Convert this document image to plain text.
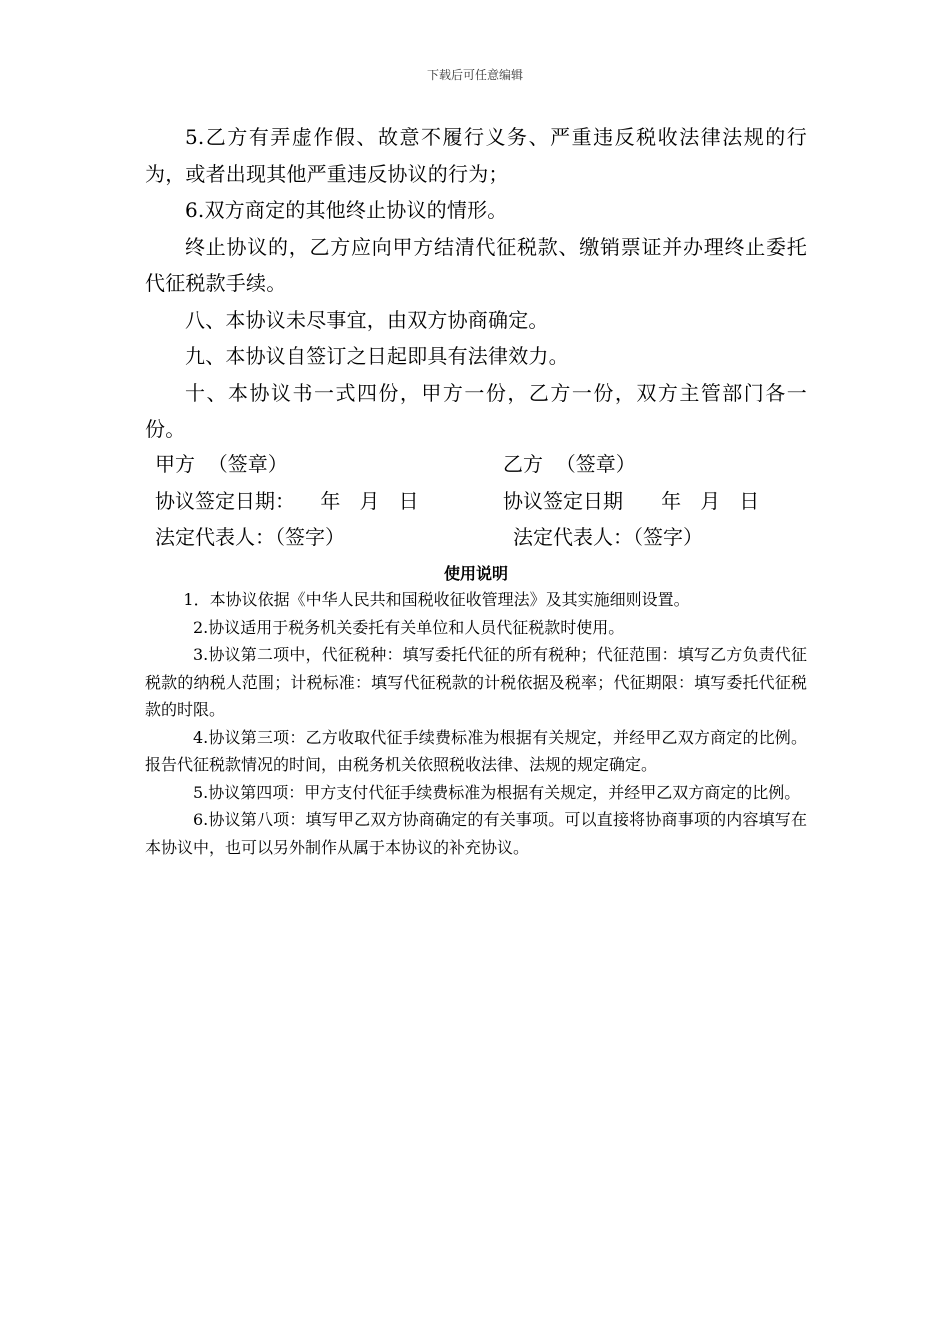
下载后可任意编辑

5.乙方有弄虚作假、故意不履行义务、严重违反税收法律法规的行为，或者出现其他严重违反协议的行为；

6.双方商定的其他终止协议的情形。

终止协议的，乙方应向甲方结清代征税款、缴销票证并办理终止委托代征税款手续。

八、本协议未尽事宜，由双方协商确定。

九、本协议自签订之日起即具有法律效力。

十、本协议书一式四份，甲方一份，乙方一份，双方主管部门各一份。

甲方  （签章）	乙方  （签章）
协议签定日期：    年   月   日	协议签定日期      年   月   日
法定代表人：（签字）	法定代表人：（签字）

使用说明

1．本协议依据《中华人民共和国税收征收管理法》及其实施细则设置。

2.协议适用于税务机关委托有关单位和人员代征税款时使用。

3.协议第二项中，代征税种：填写委托代征的所有税种；代征范围：填写乙方负责代征税款的纳税人范围；计税标准：填写代征税款的计税依据及税率；代征期限：填写委托代征税款的时限。

4.协议第三项：乙方收取代征手续费标准为根据有关规定，并经甲乙双方商定的比例。报告代征税款情况的时间，由税务机关依照税收法律、法规的规定确定。

5.协议第四项：甲方支付代征手续费标准为根据有关规定，并经甲乙双方商定的比例。

6.协议第八项：填写甲乙双方协商确定的有关事项。可以直接将协商事项的内容填写在本协议中，也可以另外制作从属于本协议的补充协议。
